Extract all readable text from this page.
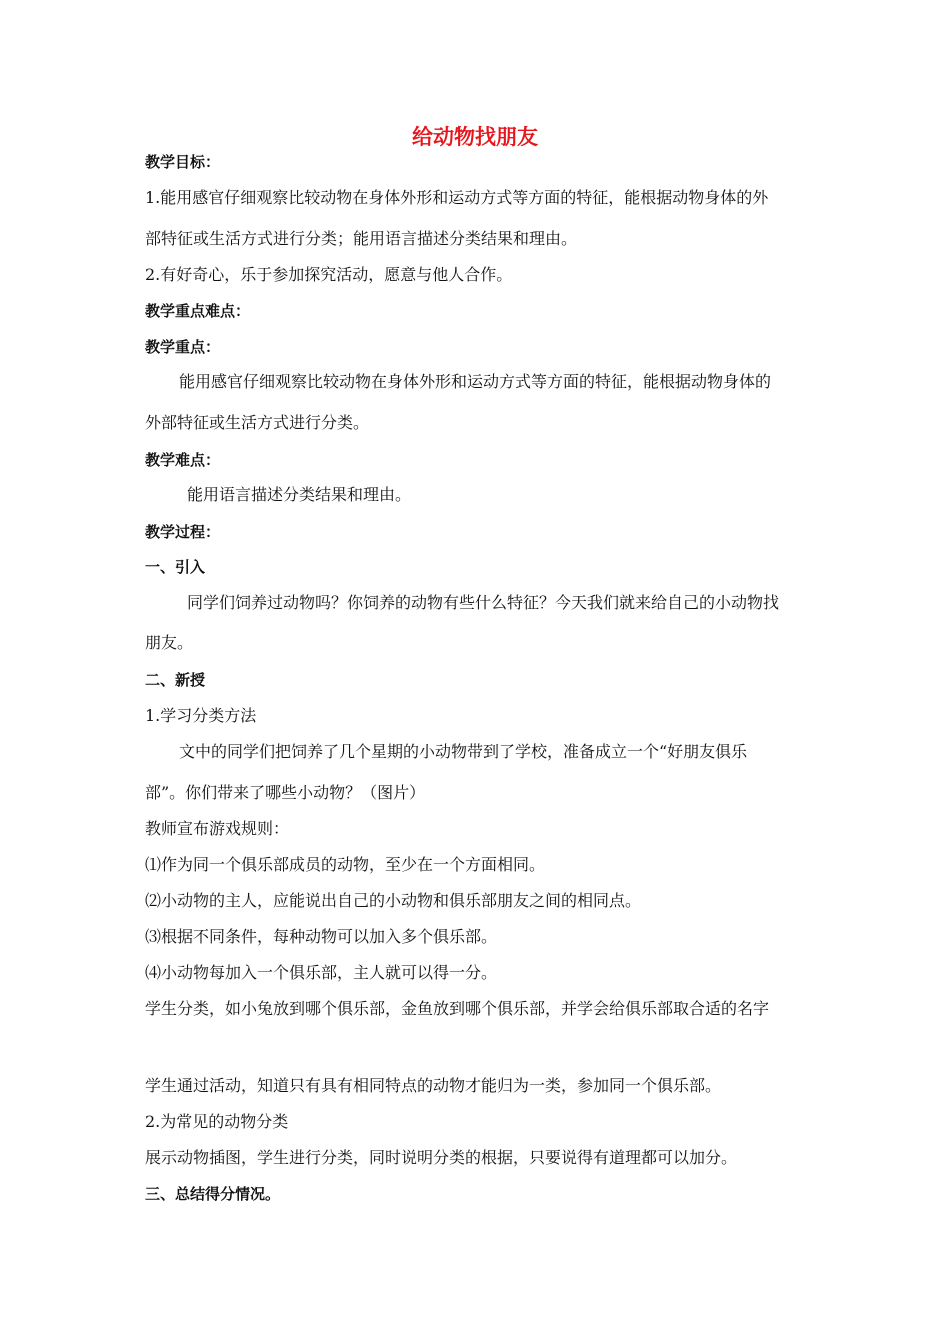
给动物找朋友
教学目标：
1.能用感官仔细观察比较动物在身体外形和运动方式等方面的特征，能根据动物身体的外
部特征或生活方式进行分类；能用语言描述分类结果和理由。
2.有好奇心，乐于参加探究活动，愿意与他人合作。
教学重点难点：
教学重点：
能用感官仔细观察比较动物在身体外形和运动方式等方面的特征，能根据动物身体的
外部特征或生活方式进行分类。
教学难点：
能用语言描述分类结果和理由。
教学过程：
一、引入
同学们饲养过动物吗？你饲养的动物有些什么特征？今天我们就来给自己的小动物找
朋友。
二、新授
1.学习分类方法
文中的同学们把饲养了几个星期的小动物带到了学校，准备成立一个“好朋友俱乐
部”。你们带来了哪些小动物？（图片）
教师宣布游戏规则：
⑴作为同一个俱乐部成员的动物，至少在一个方面相同。
⑵小动物的主人，应能说出自己的小动物和俱乐部朋友之间的相同点。
⑶根据不同条件，每种动物可以加入多个俱乐部。
⑷小动物每加入一个俱乐部，主人就可以得一分。
学生分类，如小兔放到哪个俱乐部，金鱼放到哪个俱乐部，并学会给俱乐部取合适的名字
学生通过活动，知道只有具有相同特点的动物才能归为一类，参加同一个俱乐部。
2.为常见的动物分类
展示动物插图，学生进行分类，同时说明分类的根据，只要说得有道理都可以加分。
三、总结得分情况。
